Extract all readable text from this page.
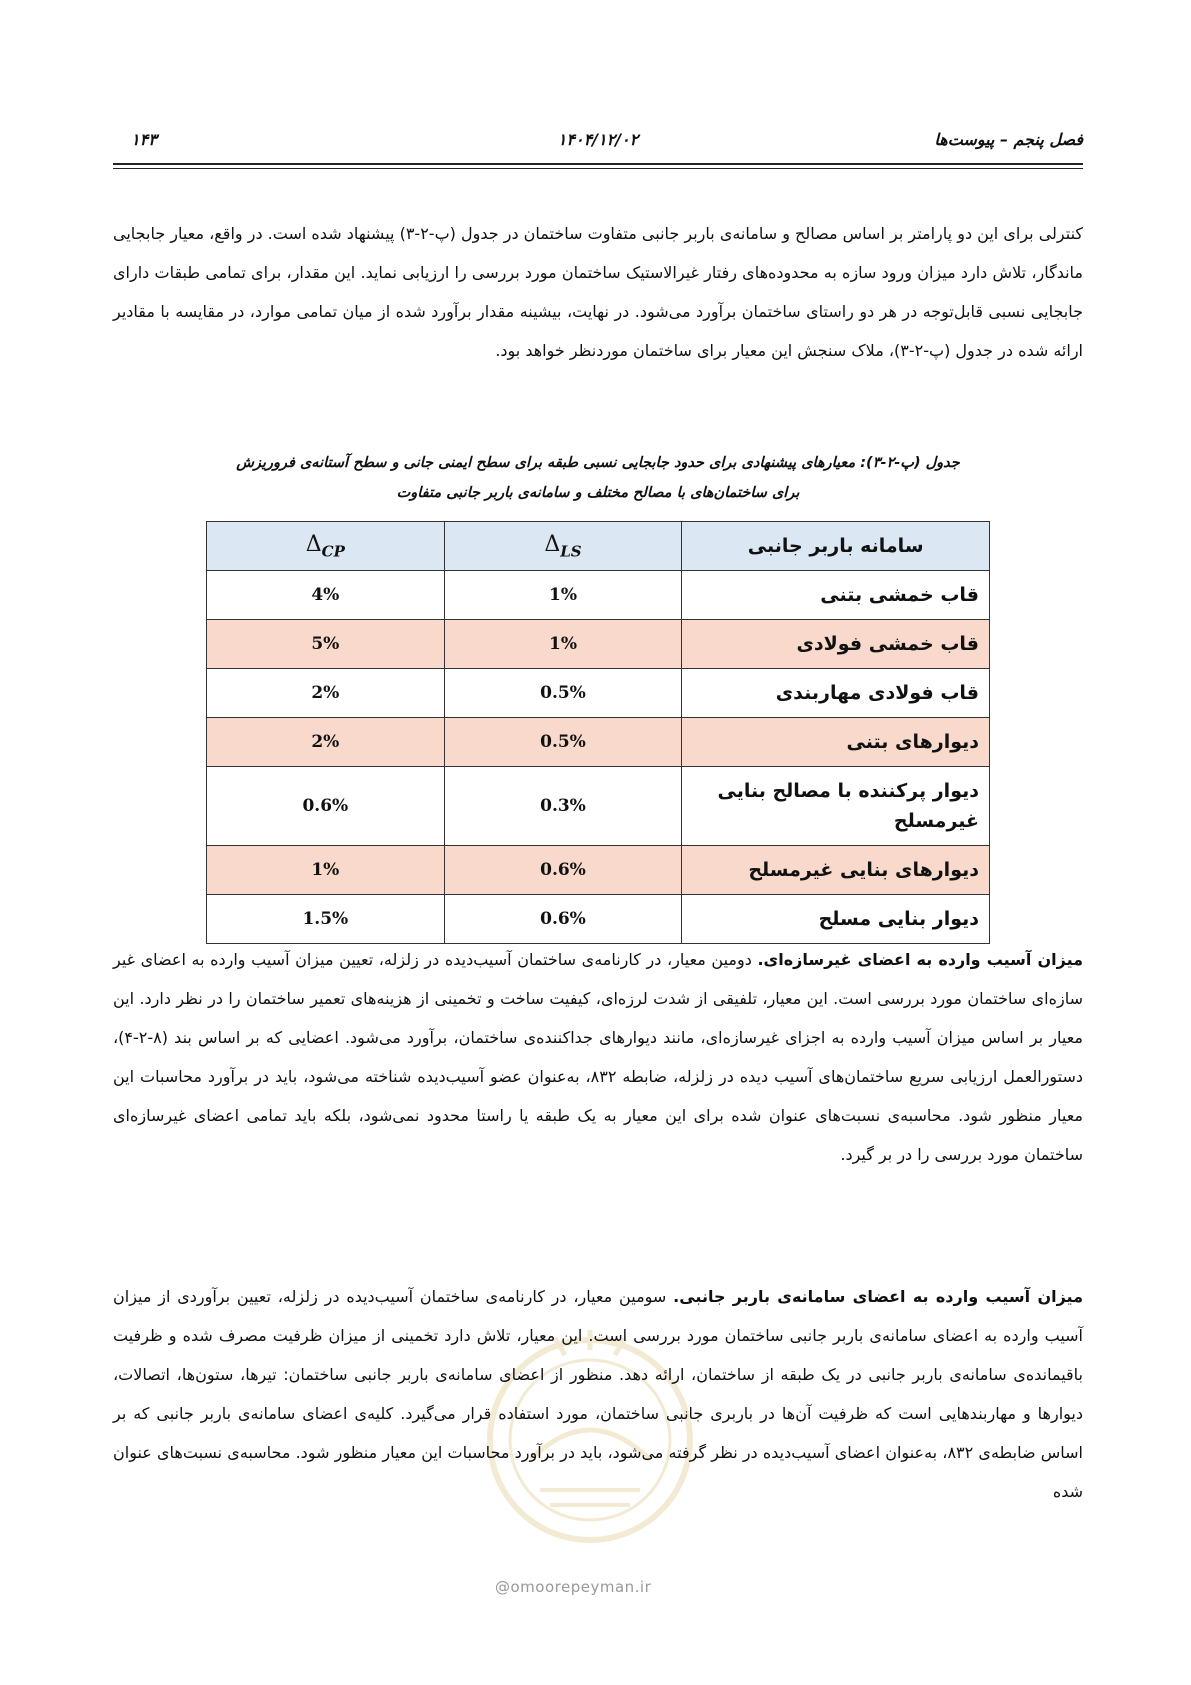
فصل پنجم – پیوست‌ها
۱۴۰۴/۱۲/۰۲
۱۴۳
کنترلی برای این دو پارامتر بر اساس مصالح و سامانه‌ی باربر جانبی متفاوت ساختمان در جدول (پ-۲-۳) پیشنهاد شده است. در واقع، معیار جابجایی ماندگار، تلاش دارد میزان ورود سازه به محدوده‌های رفتار غیرالاستیک ساختمان مورد بررسی را ارزیابی نماید. این مقدار، برای تمامی طبقات دارای جابجایی نسبی قابل‌توجه در هر دو راستای ساختمان برآورد می‌شود. در نهایت، بیشینه مقدار برآورد شده از میان تمامی موارد، در مقایسه با مقادیر ارائه شده در جدول (پ-۲-۳)، ملاک سنجش این معیار برای ساختمان موردنظر خواهد بود.
جدول (پ-۲-۳): معیارهای پیشنهادی برای حدود جابجایی نسبی طبقه برای سطح ایمنی جانی و سطح آستانه‌ی فروریزش
برای ساختمان‌های با مصالح مختلف و سامانه‌ی باربر جانبی متفاوت
$\Delta_{CP}$	$\Delta_{LS}$	سامانه باربر جانبی
4%	1%	قاب خمشی بتنی
5%	1%	قاب خمشی فولادی
2%	0.5%	قاب فولادی مهاربندی
2%	0.5%	دیوارهای بتنی
0.6%	0.3%	دیوار پرکننده با مصالح بنایی غیرمسلح
1%	0.6%	دیوارهای بنایی غیرمسلح
1.5%	0.6%	دیوار بنایی مسلح
میزان آسیب وارده به اعضای غیرسازه‌ای. دومین معیار، در کارنامه‌ی ساختمان آسیب‌دیده در زلزله، تعیین میزان آسیب وارده به اعضای غیر سازه‌ای ساختمان مورد بررسی است. این معیار، تلفیقی از شدت لرزه‌ای، کیفیت ساخت و تخمینی از هزینه‌های تعمیر ساختمان را در نظر دارد. این معیار بر اساس میزان آسیب وارده به اجزای غیرسازه‌ای، مانند دیوارهای جداکننده‌ی ساختمان، برآورد می‌شود. اعضایی که بر اساس بند (۸-۲-۴)، دستورالعمل ارزیابی سریع ساختمان‌های آسیب دیده در زلزله، ضابطه ۸۳۲، به‌عنوان عضو آسیب‌دیده شناخته می‌شود، باید در برآورد محاسبات این معیار منظور شود. محاسبه‌ی نسبت‌های عنوان شده برای این معیار به یک طبقه یا راستا محدود نمی‌شود، بلکه باید تمامی اعضای غیرسازه‌ای ساختمان مورد بررسی را در بر گیرد.
@omoorepeyman.ir
میزان آسیب وارده به اعضای سامانه‌ی باربر جانبی. سومین معیار، در کارنامه‌ی ساختمان آسیب‌دیده در زلزله، تعیین برآوردی از میزان آسیب وارده به اعضای سامانه‌ی باربر جانبی ساختمان مورد بررسی است. این معیار، تلاش دارد تخمینی از میزان ظرفیت مصرف شده و ظرفیت باقیمانده‌ی سامانه‌ی باربر جانبی در یک طبقه از ساختمان، ارائه دهد. منظور از اعضای سامانه‌ی باربر جانبی ساختمان: تیرها، ستون‌ها، اتصالات، دیوارها و مهاربندهایی است که ظرفیت آن‌ها در باربری جانبی ساختمان، مورد استفاده قرار می‌گیرد. کلیه‌ی اعضای سامانه‌ی باربر جانبی که بر اساس ضابطه‌ی ۸۳۲، به‌عنوان اعضای آسیب‌دیده در نظر گرفته می‌شود، باید در برآورد محاسبات این معیار منظور شود. محاسبه‌ی نسبت‌های عنوان شده
